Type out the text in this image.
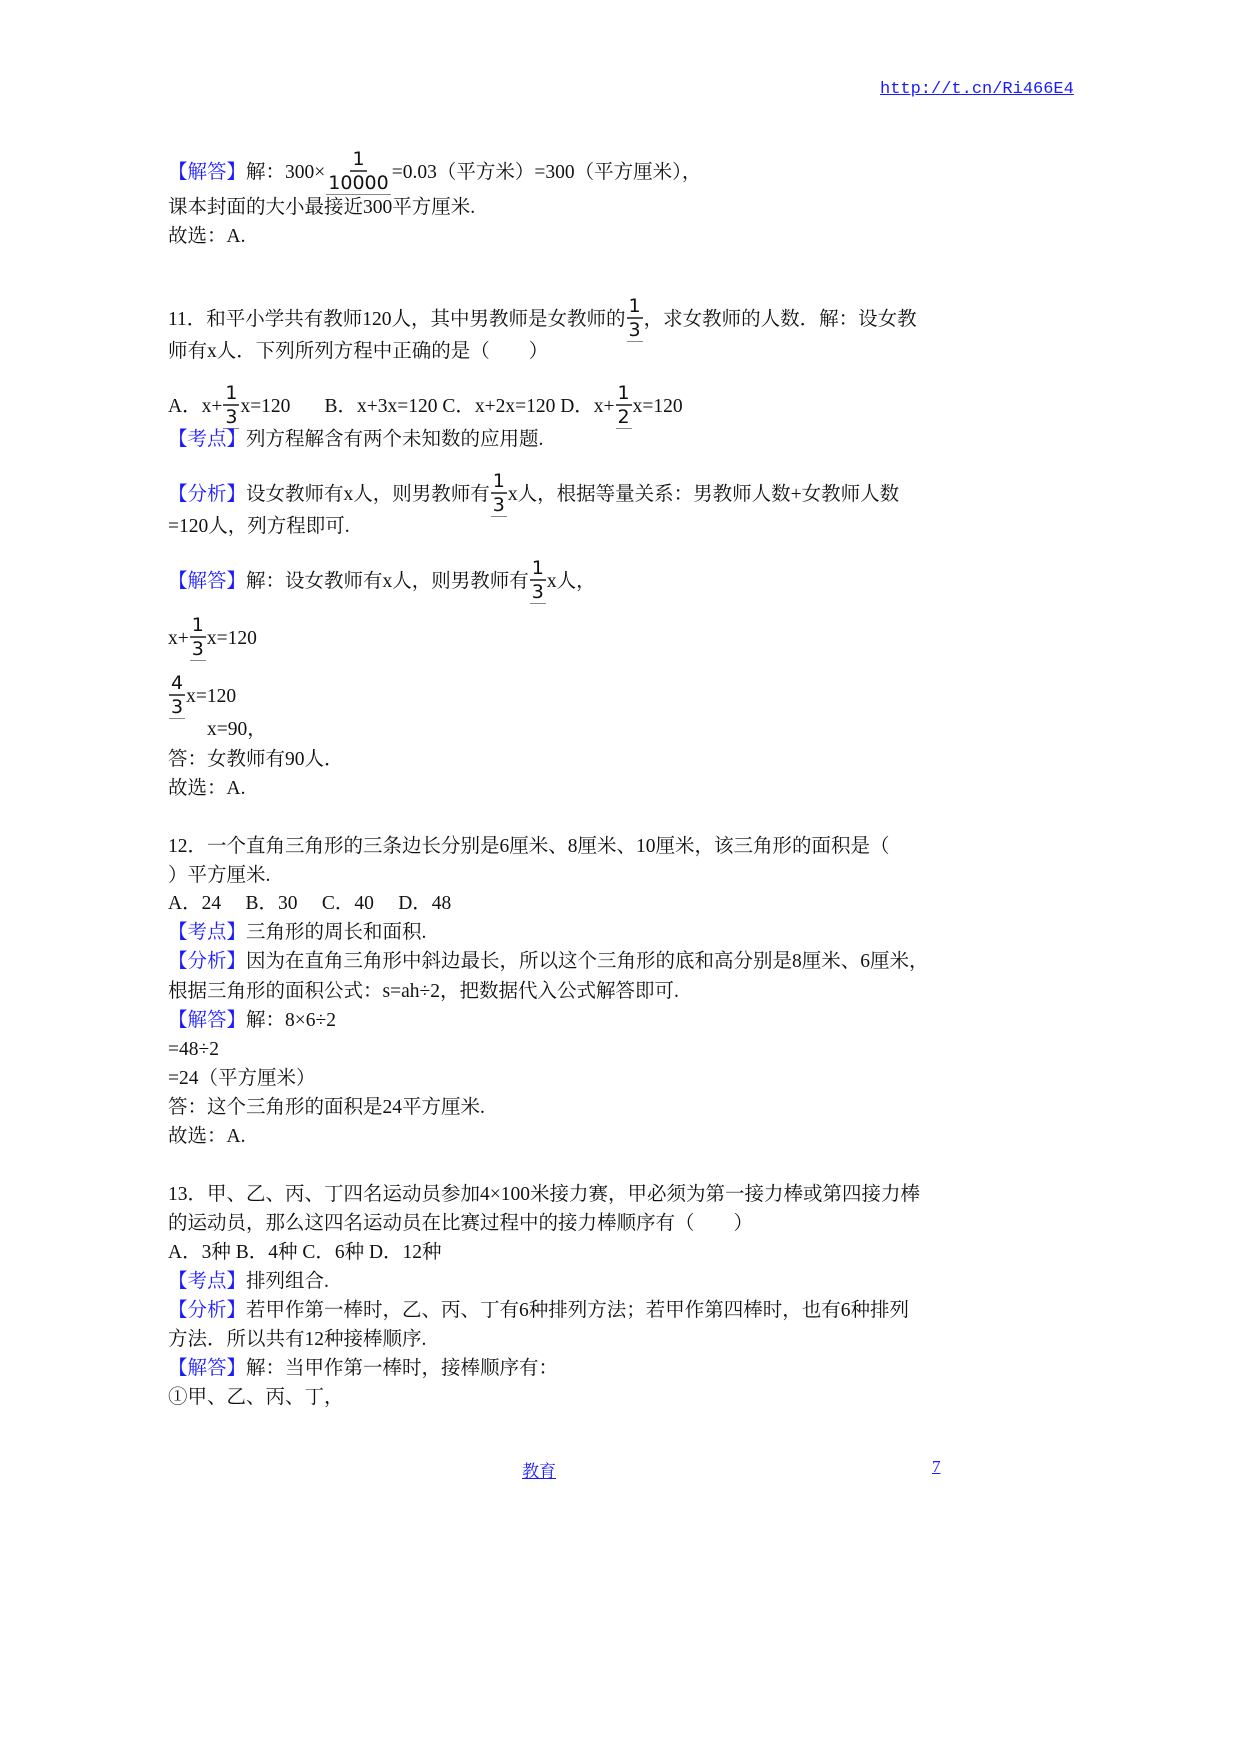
http://t.cn/Ri466E4
【解答】解：$300\times \frac{1}{10000} =0.03$（平方米）=300（平方厘米），
课本封面的大小最接近300平方厘米.
故选：A.
11．和平小学共有教师120人，其中男教师是女教师的 $\frac{1}{3}$ ，求女教师的人数．解：设女教
师有x人．下列所列方程中正确的是（　　）
A．$x+ \frac{1}{3} x=120$ B．x+3x=120 C．x+2x=120 D．$x+ \frac{1}{2} x=120$
【考点】列方程解含有两个未知数的应用题.
【分析】设女教师有x人，则男教师有 $\frac{1}{3}$ x人，根据等量关系：男教师人数+女教师人数
=120人，列方程即可.
【解答】解：设女教师有x人，则男教师有 $\frac{1}{3}$ x人，
$x+ \frac{1}{3} x=120$
$\frac{4}{3} x=120$
x=90，
答：女教师有90人．
故选：A.
12．一个直角三角形的三条边长分别是6厘米、8厘米、10厘米，该三角形的面积是（
）平方厘米.
A．24　 B．30　 C．40　 D．48
【考点】三角形的周长和面积.
【分析】因为在直角三角形中斜边最长，所以这个三角形的底和高分别是8厘米、6厘米，
根据三角形的面积公式：s=ah÷2，把数据代入公式解答即可.
【解答】解：8×6÷2
=48÷2
=24（平方厘米）
答：这个三角形的面积是24平方厘米.
故选：A.
13．甲、乙、丙、丁四名运动员参加4×100米接力赛，甲必须为第一接力棒或第四接力棒
的运动员，那么这四名运动员在比赛过程中的接力棒顺序有（　　）
A．3种 B．4种 C．6种 D．12种
【考点】排列组合.
【分析】若甲作第一棒时，乙、丙、丁有6种排列方法；若甲作第四棒时，也有6种排列
方法．所以共有12种接棒顺序.
【解答】解：当甲作第一棒时，接棒顺序有：
①甲、乙、丙、丁，
教育	7
